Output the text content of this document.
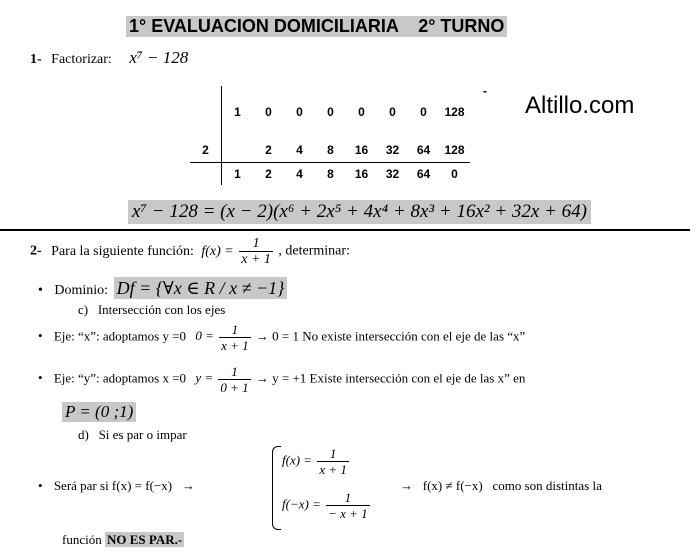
1° EVALUACION DOMICILIARIA    2° TURNO
1- Factorizar: x⁷ − 128
-
	1	0	0	0	0	0	0	128
2		2	4	8	16	32	64	128
	1	2	4	8	16	32	64	0
Altillo.com
x⁷ − 128 = (x − 2)(x⁶ + 2x⁵ + 4x⁴ + 8x³ + 16x² + 32x + 64)
2- Para la siguiente función: $f(x) = \frac{1}{x + 1}$ , determinar:
• Dominio: Df = {∀x ∈ R / x ≠ −1}
c)   Intersección con los ejes
• Eje: “x”: adoptamos y =0 $0 = \frac{1}{x + 1} \to 0 = 1$ No existe intersección con el eje de las “x”
• Eje: “y”: adoptamos x =0 $y = \frac{1}{0 + 1} \to y = +1$ Existe intersección con el eje de las x” en
P = (0 ;1)
d)   Si es par o impar
• Será par si f(x) = f(−x)   →
$f(x) = \frac{1}{x + 1}$
$f(-x) = \frac{1}{- x + 1}$
→   f(x) ≠ f(−x)   como son distintas la
función NO ES PAR.-
